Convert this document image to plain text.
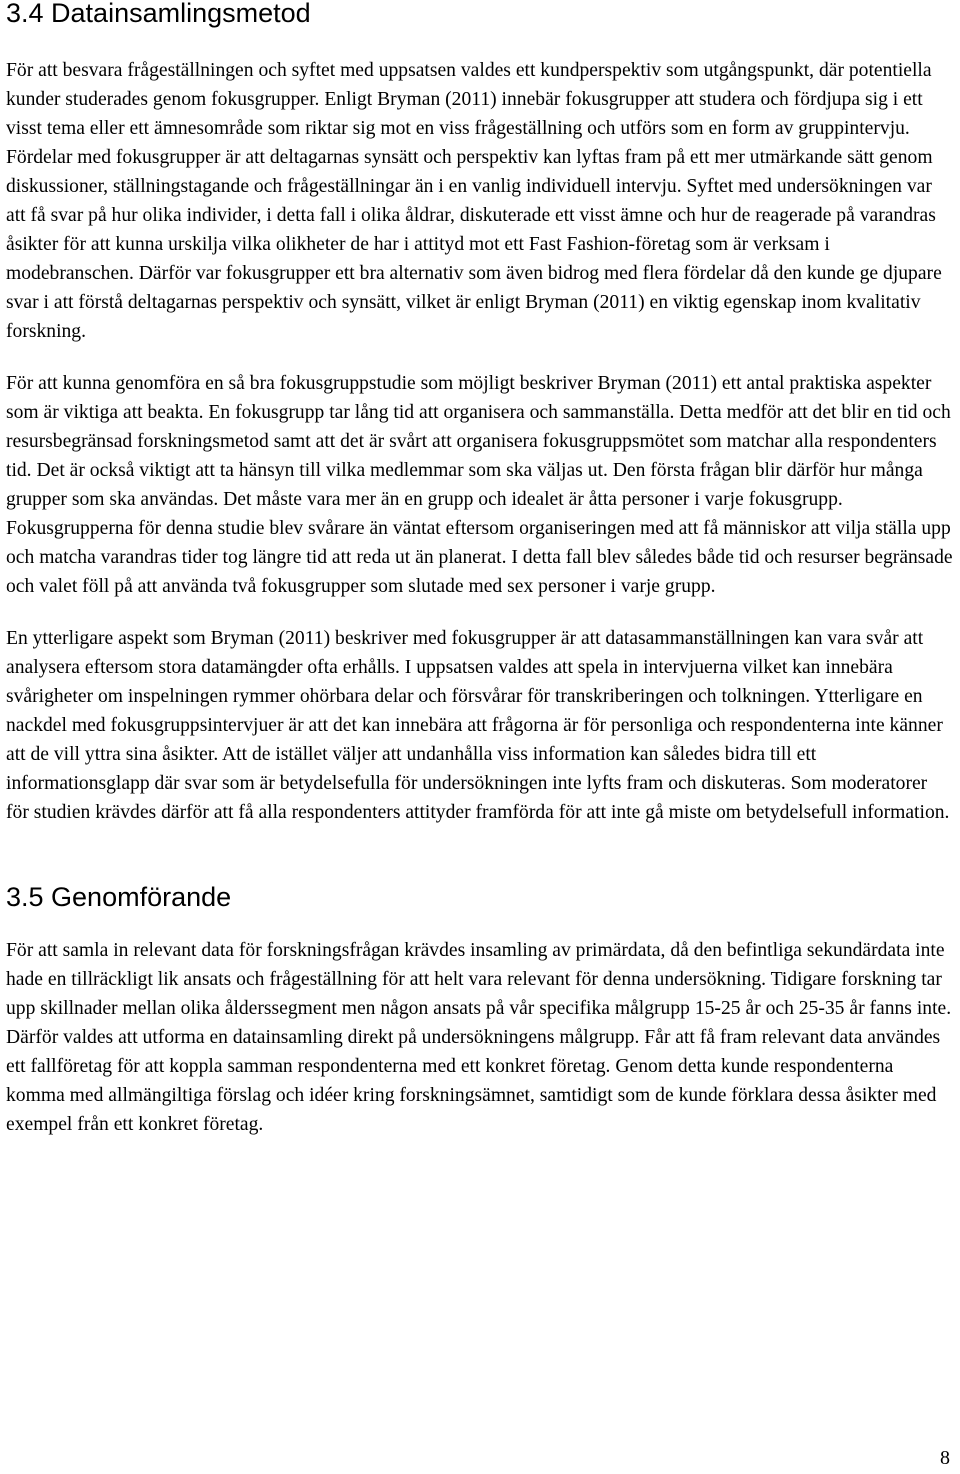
3.4 Datainsamlingsmetod

För att besvara frågeställningen och syftet med uppsatsen valdes ett kundperspektiv som utgångspunkt, där potentiella kunder studerades genom fokusgrupper. Enligt Bryman (2011) innebär fokusgrupper att studera och fördjupa sig i ett visst tema eller ett ämnesområde som riktar sig mot en viss frågeställning och utförs som en form av gruppintervju. Fördelar med fokusgrupper är att deltagarnas synsätt och perspektiv kan lyftas fram på ett mer utmärkande sätt genom diskussioner, ställningstagande och frågeställningar än i en vanlig individuell intervju. Syftet med undersökningen var att få svar på hur olika individer, i detta fall i olika åldrar, diskuterade ett visst ämne och hur de reagerade på varandras åsikter för att kunna urskilja vilka olikheter de har i attityd mot ett Fast Fashion-företag som är verksam i modebranschen. Därför var fokusgrupper ett bra alternativ som även bidrog med flera fördelar då den kunde ge djupare svar i att förstå deltagarnas perspektiv och synsätt, vilket är enligt Bryman (2011) en viktig egenskap inom kvalitativ forskning.

För att kunna genomföra en så bra fokusgruppstudie som möjligt beskriver Bryman (2011) ett antal praktiska aspekter som är viktiga att beakta. En fokusgrupp tar lång tid att organisera och sammanställa. Detta medför att det blir en tid och resursbegränsad forskningsmetod samt att det är svårt att organisera fokusgruppsmötet som matchar alla respondenters tid. Det är också viktigt att ta hänsyn till vilka medlemmar som ska väljas ut. Den första frågan blir därför hur många grupper som ska användas. Det måste vara mer än en grupp och idealet är åtta personer i varje fokusgrupp. Fokusgrupperna för denna studie blev svårare än väntat eftersom organiseringen med att få människor att vilja ställa upp och matcha varandras tider tog längre tid att reda ut än planerat. I detta fall blev således både tid och resurser begränsade och valet föll på att använda två fokusgrupper som slutade med sex personer i varje grupp.

En ytterligare aspekt som Bryman (2011) beskriver med fokusgrupper är att datasammanställningen kan vara svår att analysera eftersom stora datamängder ofta erhålls. I uppsatsen valdes att spela in intervjuerna vilket kan innebära svårigheter om inspelningen rymmer ohörbara delar och försvårar för transkriberingen och tolkningen. Ytterligare en nackdel med fokusgruppsintervjuer är att det kan innebära att frågorna är för personliga och respondenterna inte känner att de vill yttra sina åsikter. Att de istället väljer att undanhålla viss information kan således bidra till ett informationsglapp där svar som är betydelsefulla för undersökningen inte lyfts fram och diskuteras. Som moderatorer för studien krävdes därför att få alla respondenters attityder framförda för att inte gå miste om betydelsefull information.

3.5 Genomförande

För att samla in relevant data för forskningsfrågan krävdes insamling av primärdata, då den befintliga sekundärdata inte hade en tillräckligt lik ansats och frågeställning för att helt vara relevant för denna undersökning. Tidigare forskning tar upp skillnader mellan olika ålderssegment men någon ansats på vår specifika målgrupp 15-25 år och 25-35 år fanns inte. Därför valdes att utforma en datainsamling direkt på undersökningens målgrupp. Får att få fram relevant data användes ett fallföretag för att koppla samman respondenterna med ett konkret företag. Genom detta kunde respondenterna komma med allmängiltiga förslag och idéer kring forskningsämnet, samtidigt som de kunde förklara dessa åsikter med exempel från ett konkret företag.

8
